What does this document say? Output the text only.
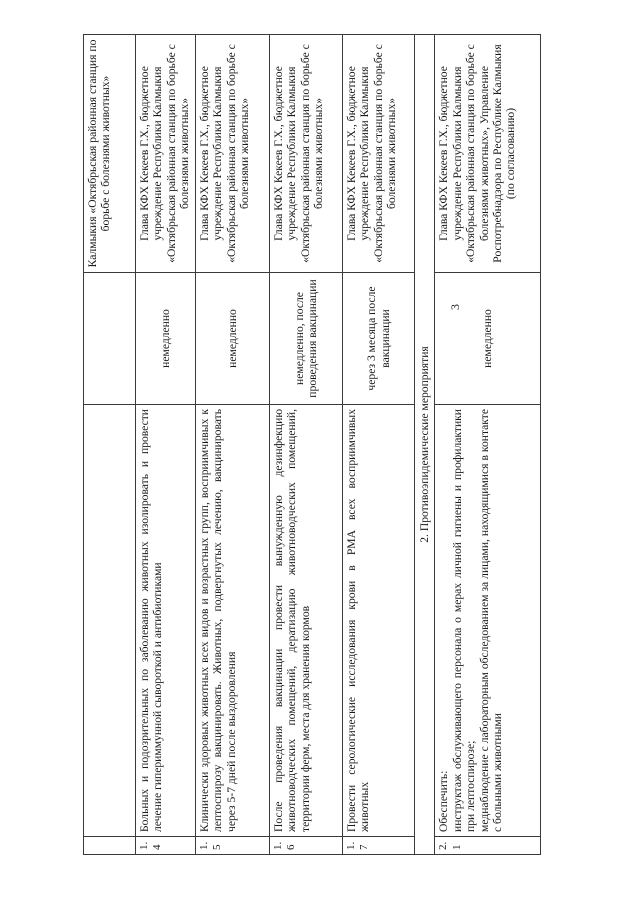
			Калмыкия «Октябрьская районная станция по борьбе с болезнями животных»
1.4	Больных и подозрительных по заболеванию животных изолировать и провести лечение гипериммунной сывороткой и антибиотиками	немедленно	Глава КФХ Кекеев Г.Х., бюджетное учреждение Республики Калмыкия «Октябрьская районная станция по борьбе с болезнями животных»
1.5	Клинически здоровых животных всех видов и возрастных групп, восприимчивых к лептоспирозу вакцинировать. Животных, подвергнутых лечению, вакцинировать через 5-7 дней после выздоровления	немедленно	Глава КФХ Кекеев Г.Х., бюджетное учреждение Республики Калмыкия «Октябрьская районная станция по борьбе с болезнями животных»
1.6	После проведения вакцинации провести вынужденную дезинфекцию животноводческих помещений, дератизацию животноводческих помещений, территории ферм, места для хранения кормов	немедленно, после проведения вакцинации	Глава КФХ Кекеев Г.Х., бюджетное учреждение Республики Калмыкия «Октябрьская районная станция по борьбе с болезнями животных»
1.7	Провести серологические исследования крови в РМА всех восприимчивых животных	через 3 месяца после вакцинации	Глава КФХ Кекеев Г.Х., бюджетное учреждение Республики Калмыкия «Октябрьская районная станция по борьбе с болезнями животных»
2. Противоэпидемические мероприятия			
2.1	Обеспечить: инструктаж обслуживающего персонала о мерах личной гигиены и профилактики при лептоспирозе; меднаблюдение с лабораторным обследованием за лицами, находящимися в контакте с больными животными	немедленно	Глава КФХ Кекеев Г.Х., бюджетное учреждение Республики Калмыкия «Октябрьская районная станция по борьбе с болезнями животных», Управление Роспотребнадзора по Республике Калмыкия (по согласованию)
3
